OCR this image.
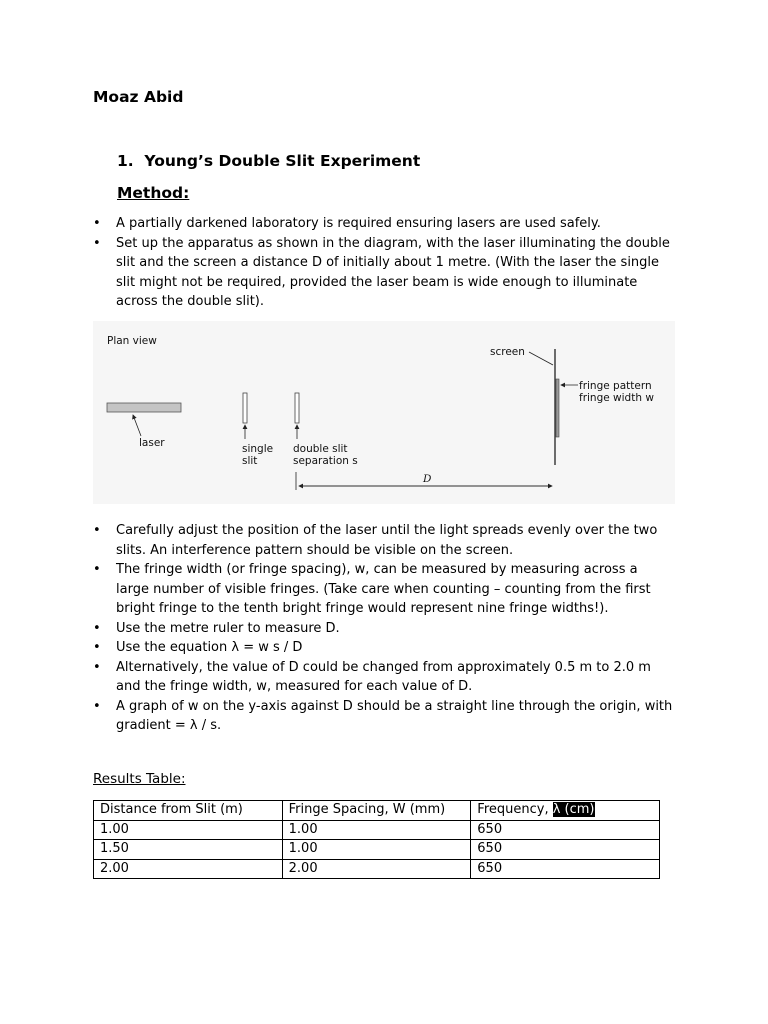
Moaz Abid
1. Young’s Double Slit Experiment
Method:
• A partially darkened laboratory is required ensuring lasers are used safely.
• Set up the apparatus as shown in the diagram, with the laser illuminating the double slit and the screen a distance D of initially about 1 metre. (With the laser the single slit might not be required, provided the laser beam is wide enough to illuminate across the double slit).
Plan view
screen
fringe pattern
fringe width w
laser	single
slit
double slit
separation s
D
• Carefully adjust the position of the laser until the light spreads evenly over the two slits. An interference pattern should be visible on the screen.
• The fringe width (or fringe spacing), w, can be measured by measuring across a large number of visible fringes. (Take care when counting – counting from the first bright fringe to the tenth bright fringe would represent nine fringe widths!).
• Use the metre ruler to measure D.
• Use the equation λ = w s / D
• Alternatively, the value of D could be changed from approximately 0.5 m to 2.0 m and the fringe width, w, measured for each value of D.
• A graph of w on the y-axis against D should be a straight line through the origin, with gradient = λ / s.
Results Table:
Distance from Slit (m)	Fringe Spacing, W (mm)	Frequency, λ (cm)
1.00	1.00	650
1.50	1.00	650
2.00	2.00	650
